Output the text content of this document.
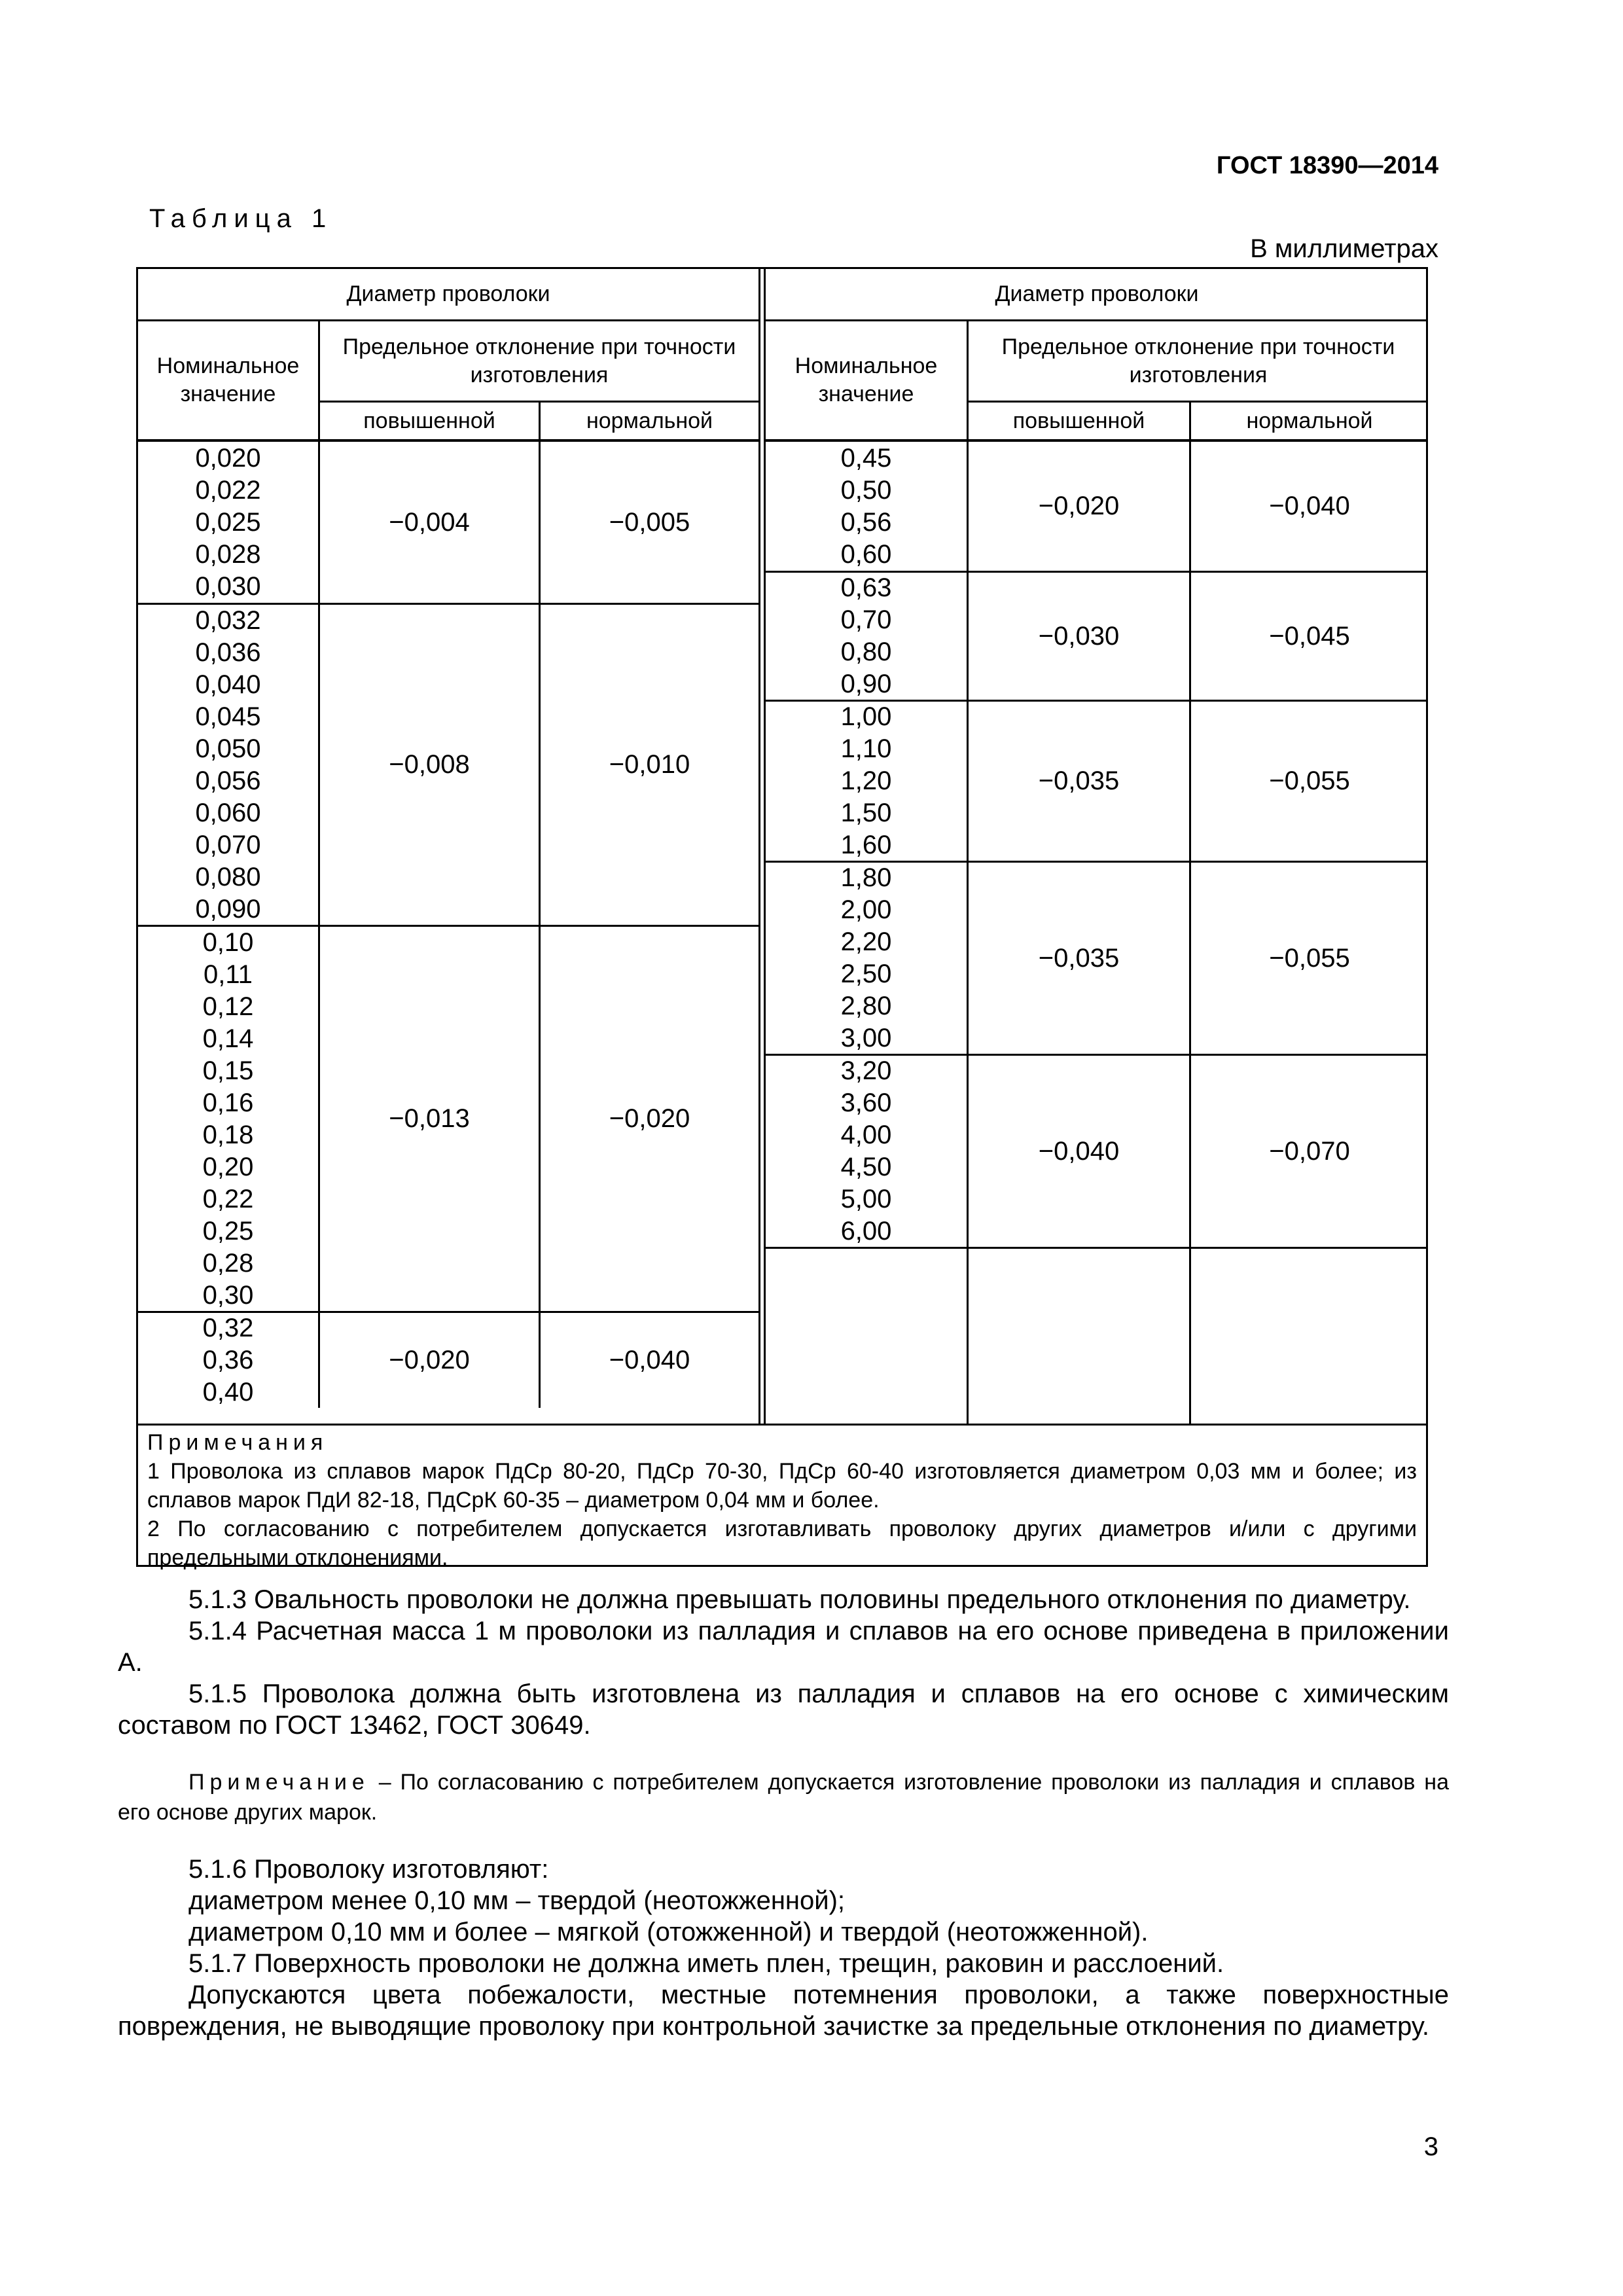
ГОСТ 18390—2014
Таблица 1
В миллиметрах
Диаметр проволоки
Номинальное значение
Предельное отклонение при точности изготовления
повышенной	нормальной
0,020
0,022
0,025
0,028
0,030
−0,004	−0,005
0,032
0,036
0,040
0,045
0,050
0,056
0,060
0,070
0,080
0,090
−0,008	−0,010
0,10
0,11
0,12
0,14
0,15
0,16
0,18
0,20
0,22
0,25
0,28
0,30
−0,013	−0,020
0,32
0,36
0,40
−0,020	−0,040
Диаметр проволоки
Номинальное значение
Предельное отклонение при точности изготовления
повышенной	нормальной
0,45
0,50
0,56
0,60
−0,020	−0,040
0,63
0,70
0,80
0,90
−0,030	−0,045
1,00
1,10
1,20
1,50
1,60
−0,035	−0,055
1,80
2,00
2,20
2,50
2,80
3,00
−0,035	−0,055
3,20
3,60
4,00
4,50
5,00
6,00
−0,040	−0,070

Примечания

1 Проволока из сплавов марок ПдСр 80-20, ПдСр 70-30, ПдСр 60-40 изготовляется диаметром 0,03 мм и более; из сплавов марок ПдИ 82-18, ПдСрК 60-35 – диаметром 0,04 мм и более.

2 По согласованию с потребителем допускается изготавливать проволоку других диаметров и/или с другими предельными отклонениями.

5.1.3 Овальность проволоки не должна превышать половины предельного отклонения по диаметру.

5.1.4 Расчетная масса 1 м проволоки из палладия и сплавов на его основе приведена в приложении А.

5.1.5 Проволока должна быть изготовлена из палладия и сплавов на его основе с химическим составом по ГОСТ 13462, ГОСТ 30649.

Примечание – По согласованию с потребителем допускается изготовление проволоки из палладия и сплавов на его основе других марок.

5.1.6 Проволоку изготовляют:

диаметром менее 0,10 мм – твердой (неотожженной);

диаметром 0,10 мм и более – мягкой (отожженной) и твердой (неотожженной).

5.1.7 Поверхность проволоки не должна иметь плен, трещин, раковин и расслоений.

Допускаются цвета побежалости, местные потемнения проволоки, а также поверхностные повреждения, не выводящие проволоку при контрольной зачистке за предельные отклонения по диаметру.

3
